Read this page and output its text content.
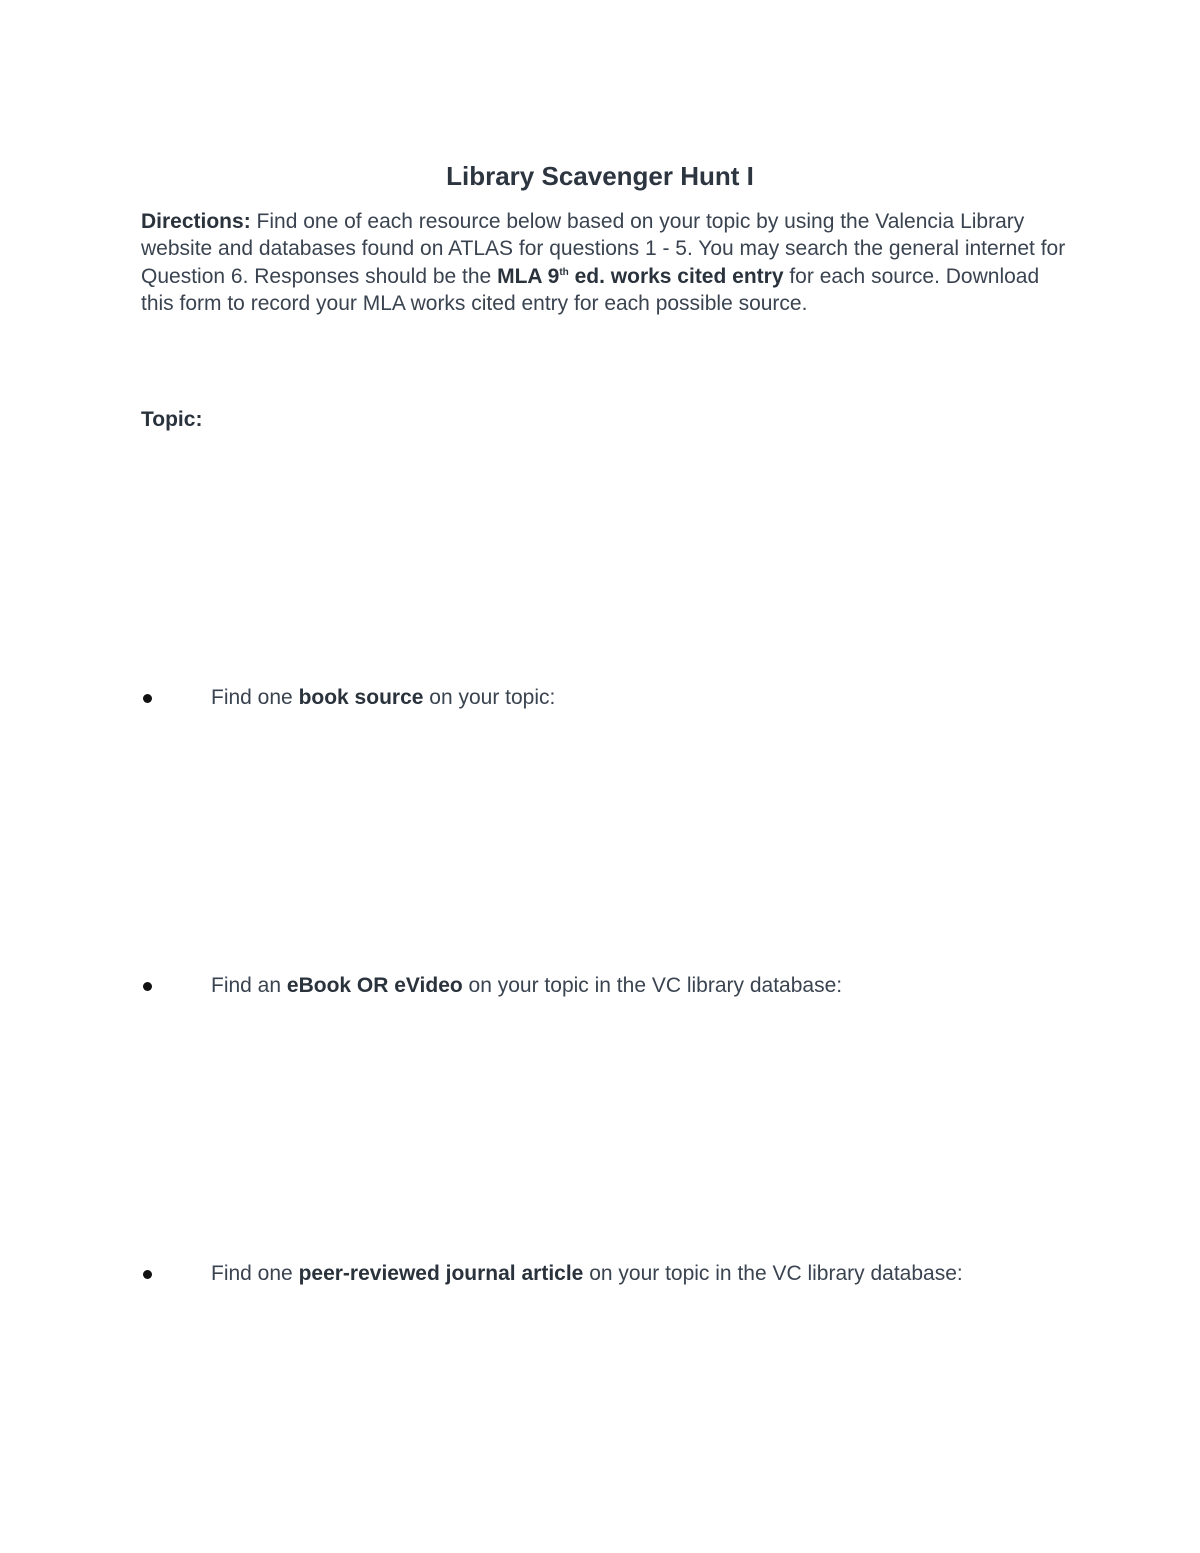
Library Scavenger Hunt I
Directions: Find one of each resource below based on your topic by using the Valencia Library website and databases found on ATLAS for questions 1 - 5. You may search the general internet for Question 6. Responses should be the MLA 9th ed. works cited entry for each source. Download this form to record your MLA works cited entry for each possible source.
Topic:
Find one book source on your topic:
Find an eBook OR eVideo on your topic in the VC library database:
Find one peer-reviewed journal article on your topic in the VC library database:
